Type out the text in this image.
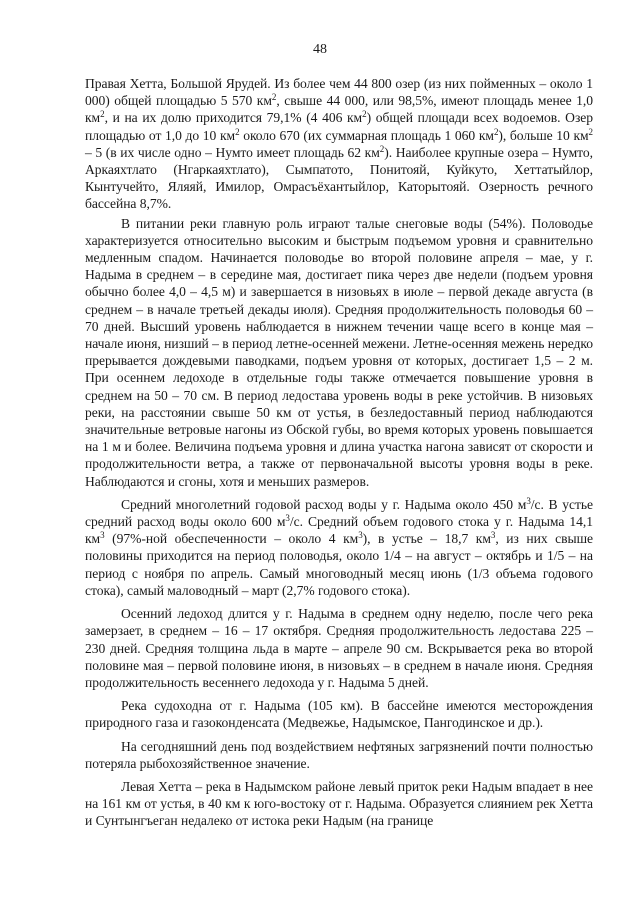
48

Правая Хетта, Большой Ярудей. Из более чем 44 800 озер (из них пойменных – около 1 000) общей площадью 5 570 $км^2$, свыше 44 000, или 98,5%, имеют площадь менее 1,0 $км^2$, и на их долю приходится 79,1% (4 406 $км^2$) общей площади всех водоемов. Озер площадью от 1,0 до 10 $км^2$ около 670 (их суммарная площадь 1 060 $км^2$), больше 10 $км^2 - 5$ (в их числе одно – Нумто имеет площадь 62 $км^2$). Наиболее крупные озера – Нумто, Аркаяхтлато (Нгаркаяхтлато), Сымпатото, Понитояй, Куйкуто, Хеттатыйлор, Кынтучейто, Яляяй, Имилор, Омрасъёхантыйлор, Каторытояй. Озерность речного бассейна 8,7%.

В питании реки главную роль играют талые снеговые воды (54%). Половодье характеризуется относительно высоким и быстрым подъемом уровня и сравнительно медленным спадом. Начинается половодье во второй половине апреля – мае, у г. Надыма в среднем – в середине мая, достигает пика через две недели (подъем уровня обычно более 4,0 – 4,5 м) и завершается в низовьях в июле – первой декаде августа (в среднем – в начале третьей декады июля). Средняя продолжительность половодья 60 – 70 дней. Высший уровень наблюдается в нижнем течении чаще всего в конце мая – начале июня, низший – в период летне-осенней межени. Летне-осенняя межень нередко прерывается дождевыми паводками, подъем уровня от которых, достигает 1,5 – 2 м. При осеннем ледоходе в отдельные годы также отмечается повышение уровня в среднем на 50 – 70 см. В период ледостава уровень воды в реке устойчив. В низовьях реки, на расстоянии свыше 50 км от устья, в безледоставный период наблюдаются значительные ветровые нагоны из Обской губы, во время которых уровень повышается на 1 м и более. Величина подъема уровня и длина участка нагона зависят от скорости и продолжительности ветра, а также от первоначальной высоты уровня воды в реке. Наблюдаются и сгоны, хотя и меньших размеров.

Средний многолетний годовой расход воды у г. Надыма около 450 $м^3/с$. В устье средний расход воды около 600 $м^3/с$. Средний объем годового стока у г. Надыма 14,1 $км^3$ (97%-ной обеспеченности – около 4 $км^3$), в устье – 18,7 $км^3$, из них свыше половины приходится на период половодья, около 1/4 – на август – октябрь и 1/5 – на период с ноября по апрель. Самый многоводный месяц июнь (1/3 объема годового стока), самый маловодный – март (2,7% годового стока).

Осенний ледоход длится у г. Надыма в среднем одну неделю, после чего река замерзает, в среднем – 16 – 17 октября. Средняя продолжительность ледостава 225 – 230 дней. Средняя толщина льда в марте – апреле 90 см. Вскрывается река во второй половине мая – первой половине июня, в низовьях – в среднем в начале июня. Средняя продолжительность весеннего ледохода у г. Надыма 5 дней.

Река судоходна от г. Надыма (105 км). В бассейне имеются месторождения природного газа и газоконденсата (Медвежье, Надымское, Пангодинское и др.).

На сегодняшний день под воздействием нефтяных загрязнений почти полностью потеряла рыбохозяйственное значение.

Левая Хетта – река в Надымском районе левый приток реки Надым впадает в нее на 161 км от устья, в 40 км к юго-востоку от г. Надыма. Образуется слиянием рек Хетта и Сунтынгъеган недалеко от истока реки Надым (на границе
